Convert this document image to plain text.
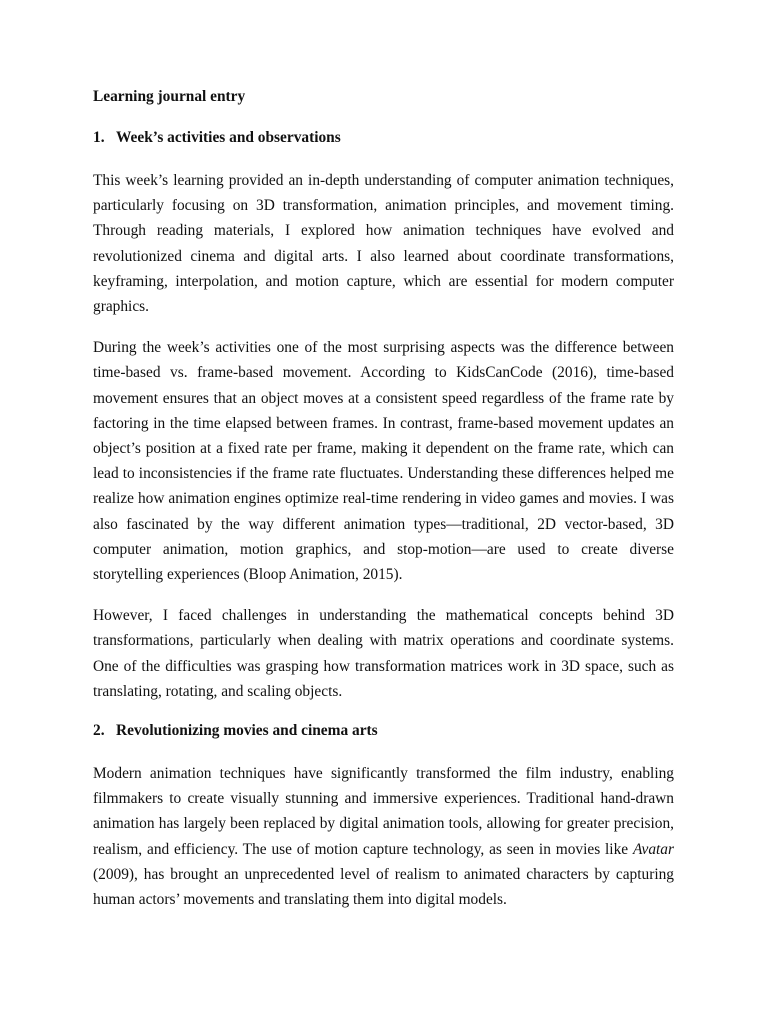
Learning journal entry
1. Week’s activities and observations

This week’s learning provided an in-depth understanding of computer animation techniques, particularly focusing on 3D transformation, animation principles, and movement timing. Through reading materials, I explored how animation techniques have evolved and revolutionized cinema and digital arts. I also learned about coordinate transformations, keyframing, interpolation, and motion capture, which are essential for modern computer graphics.

During the week’s activities one of the most surprising aspects was the difference between time-based vs. frame-based movement. According to KidsCanCode (2016), time-based movement ensures that an object moves at a consistent speed regardless of the frame rate by factoring in the time elapsed between frames. In contrast, frame-based movement updates an object’s position at a fixed rate per frame, making it dependent on the frame rate, which can lead to inconsistencies if the frame rate fluctuates. Understanding these differences helped me realize how animation engines optimize real-time rendering in video games and movies. I was also fascinated by the way different animation types—traditional, 2D vector-based, 3D computer animation, motion graphics, and stop-motion—are used to create diverse storytelling experiences (Bloop Animation, 2015).

However, I faced challenges in understanding the mathematical concepts behind 3D transformations, particularly when dealing with matrix operations and coordinate systems. One of the difficulties was grasping how transformation matrices work in 3D space, such as translating, rotating, and scaling objects.

2. Revolutionizing movies and cinema arts

Modern animation techniques have significantly transformed the film industry, enabling filmmakers to create visually stunning and immersive experiences. Traditional hand-drawn animation has largely been replaced by digital animation tools, allowing for greater precision, realism, and efficiency. The use of motion capture technology, as seen in movies like Avatar (2009), has brought an unprecedented level of realism to animated characters by capturing human actors’ movements and translating them into digital models.
